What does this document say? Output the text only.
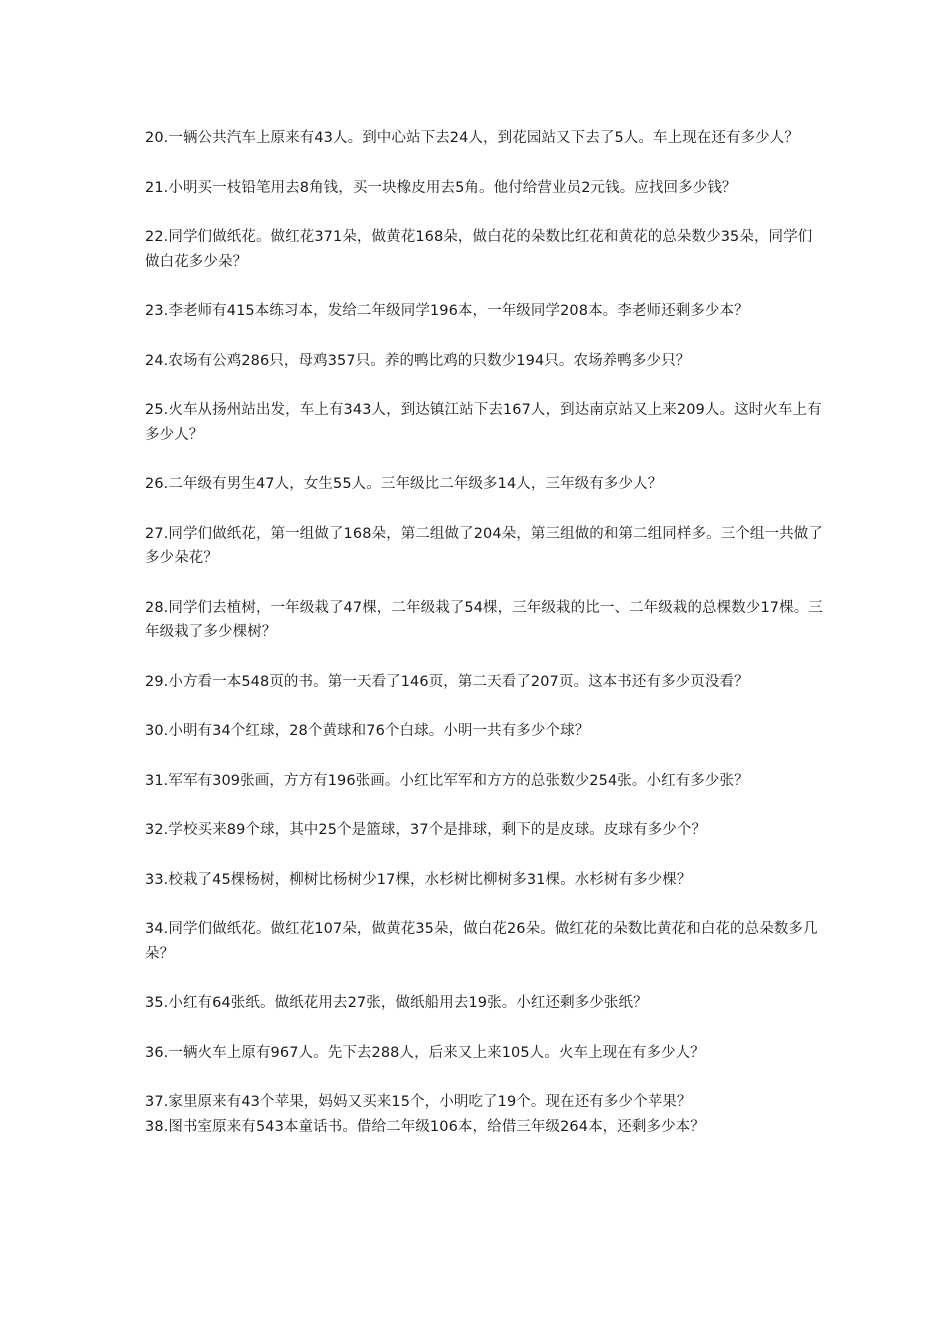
20.一辆公共汽车上原来有43人。到中心站下去24人，到花园站又下去了5人。车上现在还有多少人？

21.小明买一枝铅笔用去8角钱，买一块橡皮用去5角。他付给营业员2元钱。应找回多少钱？

22.同学们做纸花。做红花371朵，做黄花168朵，做白花的朵数比红花和黄花的总朵数少35朵，同学们做白花多少朵？

23.李老师有415本练习本，发给二年级同学196本，一年级同学208本。李老师还剩多少本？

24.农场有公鸡286只，母鸡357只。养的鸭比鸡的只数少194只。农场养鸭多少只？

25.火车从扬州站出发，车上有343人，到达镇江站下去167人，到达南京站又上来209人。这时火车上有多少人？

26.二年级有男生47人，女生55人。三年级比二年级多14人，三年级有多少人？

27.同学们做纸花，第一组做了168朵，第二组做了204朵，第三组做的和第二组同样多。三个组一共做了多少朵花？

28.同学们去植树，一年级栽了47棵，二年级栽了54棵，三年级栽的比一、二年级栽的总棵数少17棵。三年级栽了多少棵树？

29.小方看一本548页的书。第一天看了146页，第二天看了207页。这本书还有多少页没看？

30.小明有34个红球，28个黄球和76个白球。小明一共有多少个球？

31.军军有309张画，方方有196张画。小红比军军和方方的总张数少254张。小红有多少张？

32.学校买来89个球，其中25个是篮球，37个是排球，剩下的是皮球。皮球有多少个？

33.校栽了45棵杨树，柳树比杨树少17棵，水杉树比柳树多31棵。水杉树有多少棵？

34.同学们做纸花。做红花107朵，做黄花35朵，做白花26朵。做红花的朵数比黄花和白花的总朵数多几朵？

35.小红有64张纸。做纸花用去27张，做纸船用去19张。小红还剩多少张纸？

36.一辆火车上原有967人。先下去288人，后来又上来105人。火车上现在有多少人？

37.家里原来有43个苹果，妈妈又买来15个，小明吃了19个。现在还有多少个苹果？

38.图书室原来有543本童话书。借给二年级106本，给借三年级264本，还剩多少本？
